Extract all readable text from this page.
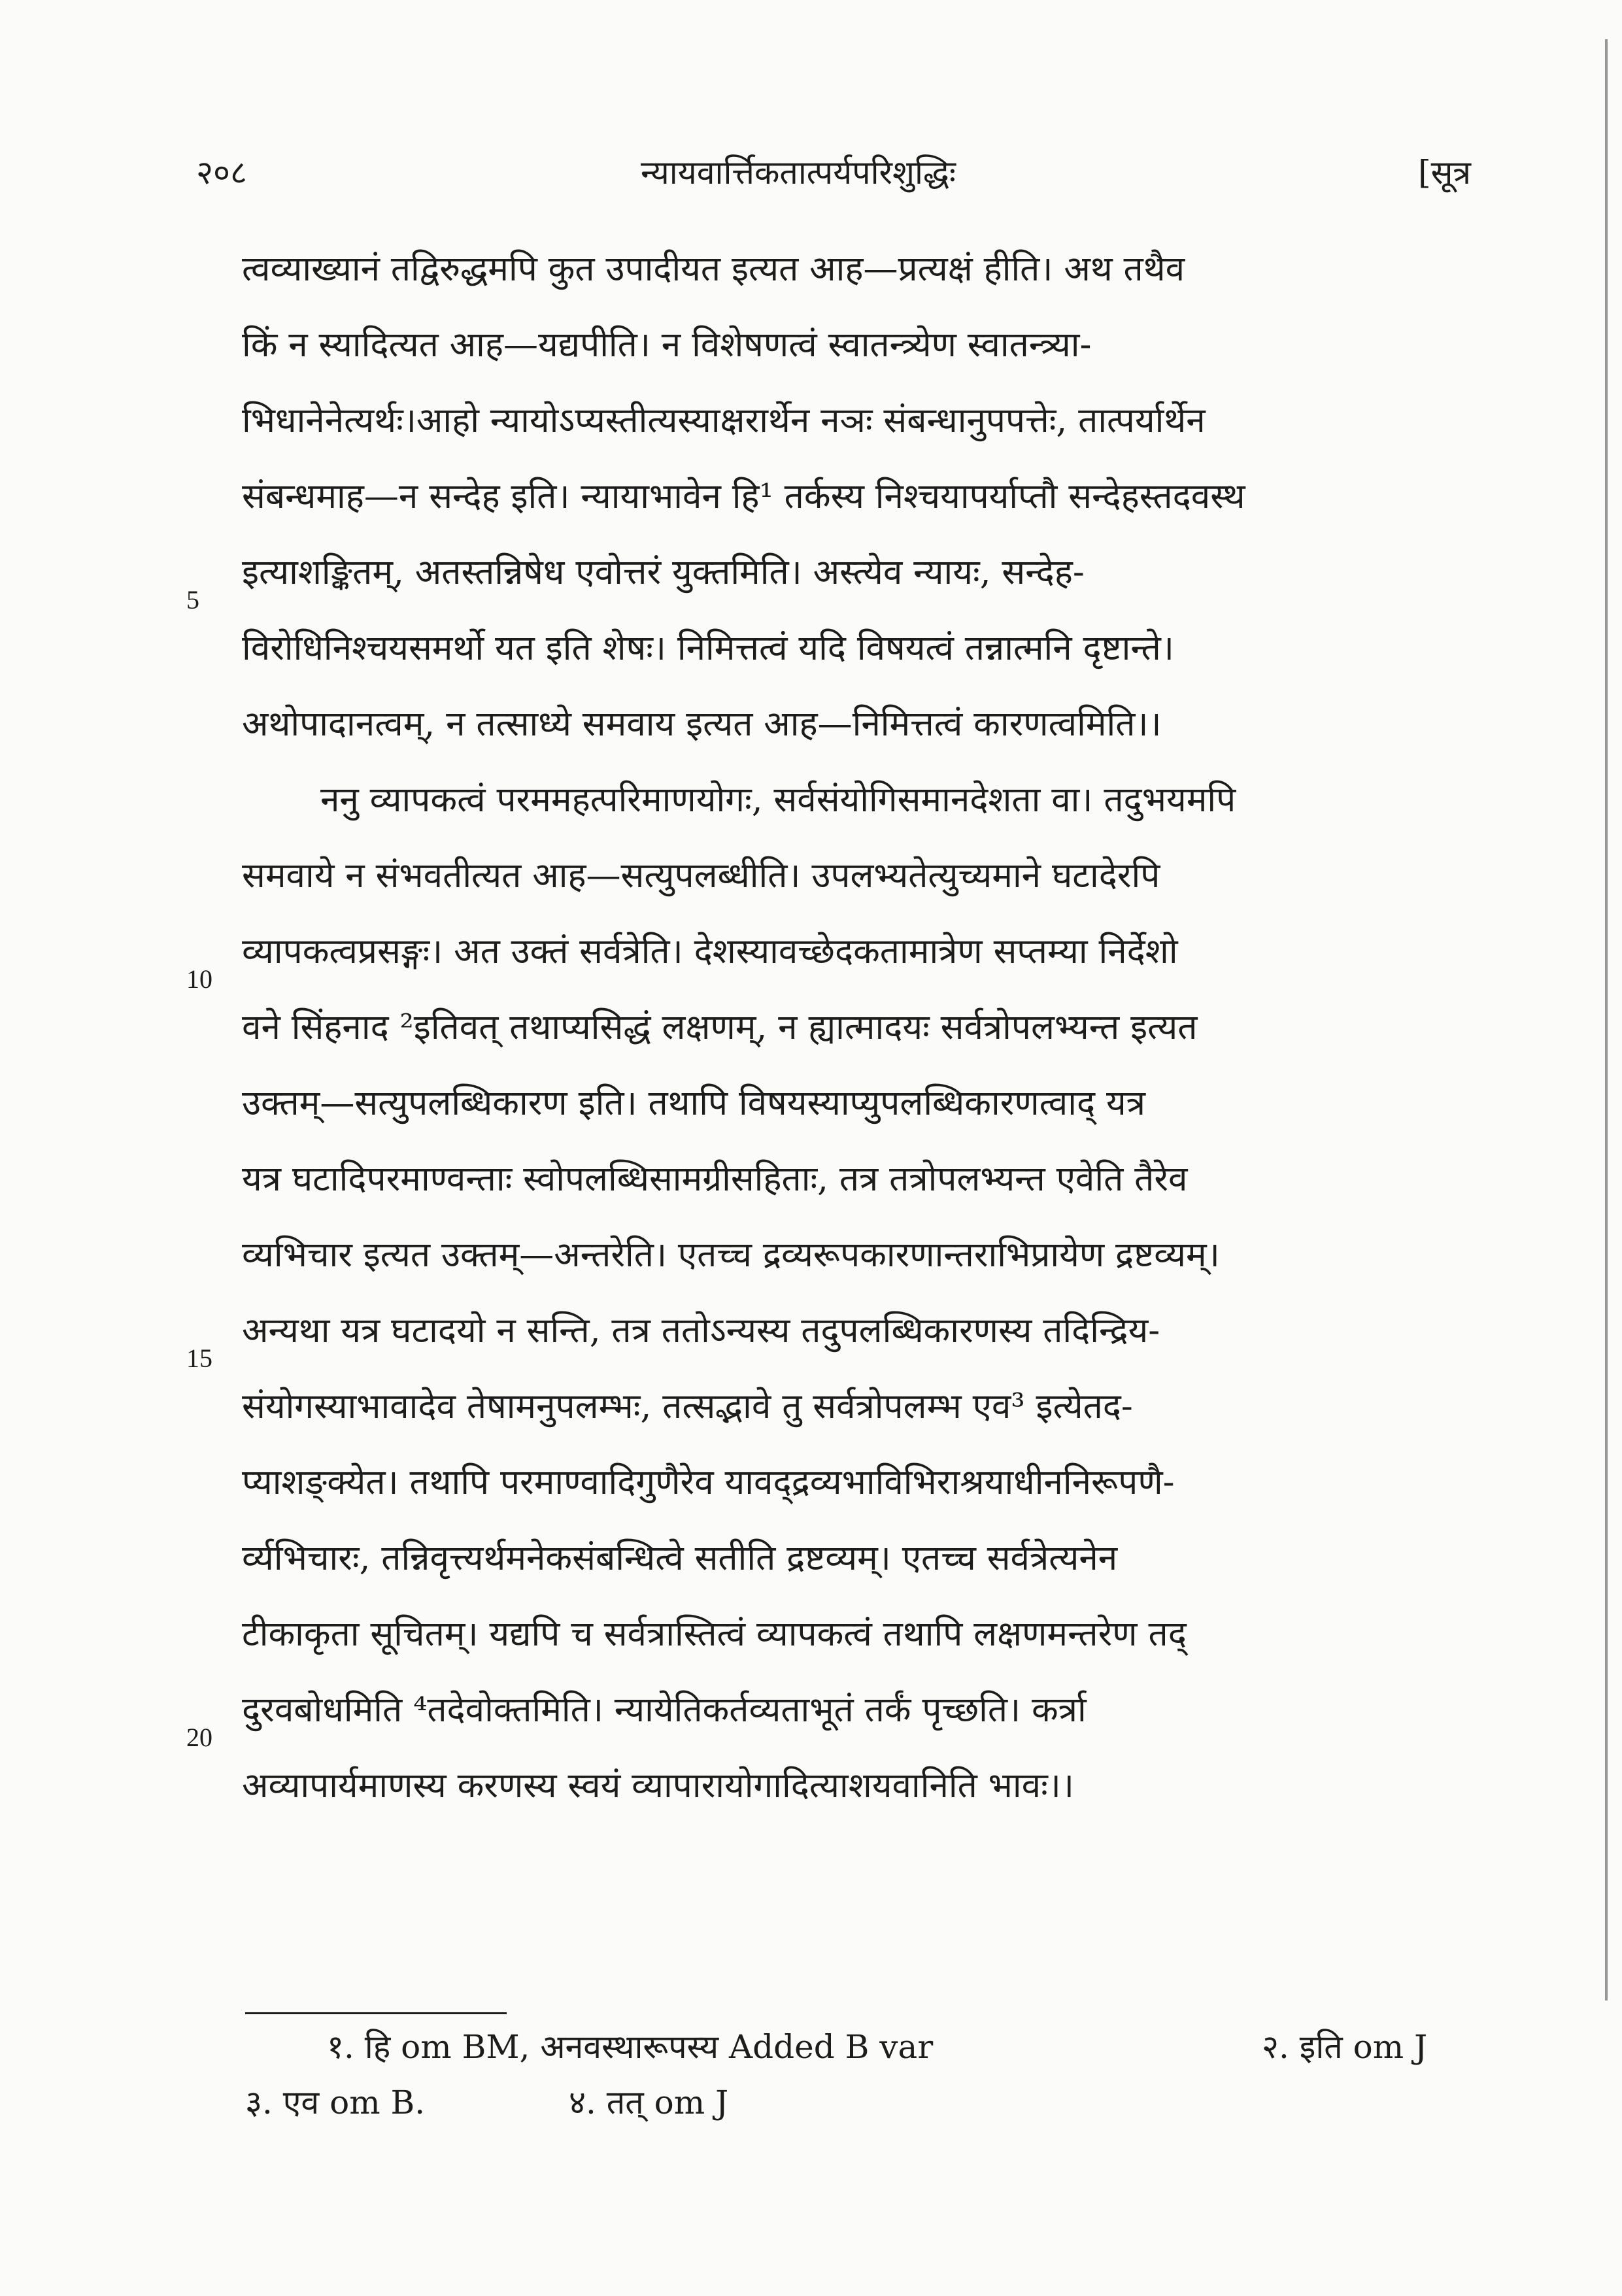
२०८	न्यायवार्त्तिकतात्पर्यपरिशुद्धिः	[सूत्र
त्वव्याख्यानं तद्विरुद्धमपि कुत उपादीयत इत्यत आह—प्रत्यक्षं हीति। अथ तथैव
किं न स्यादित्यत आह—यद्यपीति। न विशेषणत्वं स्वातन्त्र्येण स्वातन्त्र्या-
भिधानेनेत्यर्थः।आहो न्यायोऽप्यस्तीत्यस्याक्षरार्थेन नञः संबन्धानुपपत्तेः, तात्पर्यार्थेन
संबन्धमाह—न सन्देह इति। न्यायाभावेन हि¹ तर्कस्य निश्चयापर्याप्तौ सन्देहस्तदवस्थ
इत्याशङ्कितम्, अतस्तन्निषेध एवोत्तरं युक्तमिति। अस्त्येव न्यायः, सन्देह-
विरोधिनिश्चयसमर्थो यत इति शेषः। निमित्तत्वं यदि विषयत्वं तन्नात्मनि दृष्टान्ते।
अथोपादानत्वम्, न तत्साध्ये समवाय इत्यत आह—निमित्तत्वं कारणत्वमिति।।
ननु व्यापकत्वं परममहत्परिमाणयोगः, सर्वसंयोगिसमानदेशता वा। तदुभयमपि
समवाये न संभवतीत्यत आह—सत्युपलब्धीति। उपलभ्यतेत्युच्यमाने घटादेरपि
व्यापकत्वप्रसङ्गः। अत उक्तं सर्वत्रेति। देशस्यावच्छेदकतामात्रेण सप्तम्या निर्देशो
वने सिंहनाद ²इतिवत् तथाप्यसिद्धं लक्षणम्, न ह्यात्मादयः सर्वत्रोपलभ्यन्त इत्यत
उक्तम्—सत्युपलब्धिकारण इति। तथापि विषयस्याप्युपलब्धिकारणत्वाद् यत्र
यत्र घटादिपरमाण्वन्ताः स्वोपलब्धिसामग्रीसहिताः, तत्र तत्रोपलभ्यन्त एवेति तैरेव
व्यभिचार इत्यत उक्तम्—अन्तरेति। एतच्च द्रव्यरूपकारणान्तराभिप्रायेण द्रष्टव्यम्।
अन्यथा यत्र घटादयो न सन्ति, तत्र ततोऽन्यस्य तदुपलब्धिकारणस्य तदिन्द्रिय-
संयोगस्याभावादेव तेषामनुपलम्भः, तत्सद्भावे तु सर्वत्रोपलम्भ एव³ इत्येतद-
प्याशङ्क्येत। तथापि परमाण्वादिगुणैरेव यावद्द्रव्यभाविभिराश्रयाधीननिरूपणै-
र्व्यभिचारः, तन्निवृत्त्यर्थमनेकसंबन्धित्वे सतीति द्रष्टव्यम्। एतच्च सर्वत्रेत्यनेन
टीकाकृता सूचितम्। यद्यपि च सर्वत्रास्तित्वं व्यापकत्वं तथापि लक्षणमन्तरेण तद्
दुरवबोधमिति ⁴तदेवोक्तमिति। न्यायेतिकर्तव्यताभूतं तर्कं पृच्छति। कर्त्रा
अव्यापार्यमाणस्य करणस्य स्वयं व्यापारायोगादित्याशयवानिति भावः।।
5
10
15
20
१. हि om BM, अनवस्थारूपस्य Added B var	२. इति om J
३. एव om B.	४. तत् om J
